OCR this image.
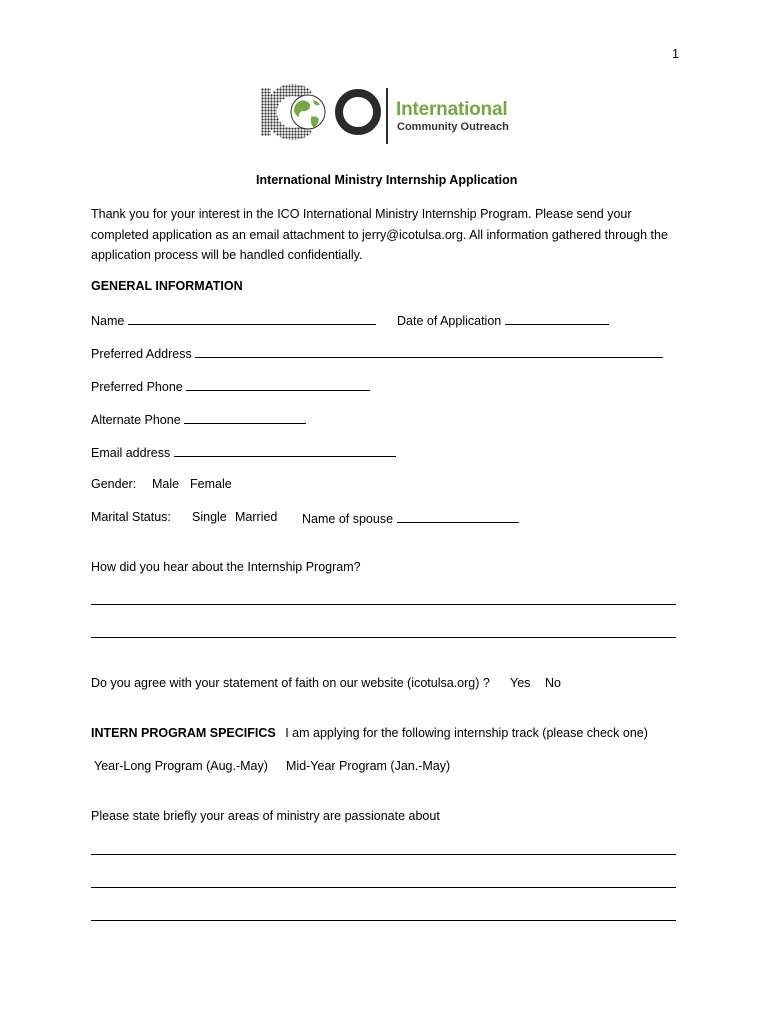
1
International
Community Outreach
International Ministry Internship Application
Thank you for your interest in the ICO International Ministry Internship Program. Please send your completed application as an email attachment to jerry@icotulsa.org. All information gathered through the application process will be handled confidentially.
GENERAL INFORMATION
Name	Date of Application
Preferred Address
Preferred Phone
Alternate Phone
Email address
Gender: Male Female
Marital Status: Single Married Name of spouse
How did you hear about the Internship Program?
Do you agree with your statement of faith on our website (icotulsa.org) ? Yes No
INTERN PROGRAM SPECIFICS I am applying for the following internship track (please check one)
Year-Long Program (Aug.-May) Mid-Year Program (Jan.-May)
Please state briefly your areas of ministry are passionate about
